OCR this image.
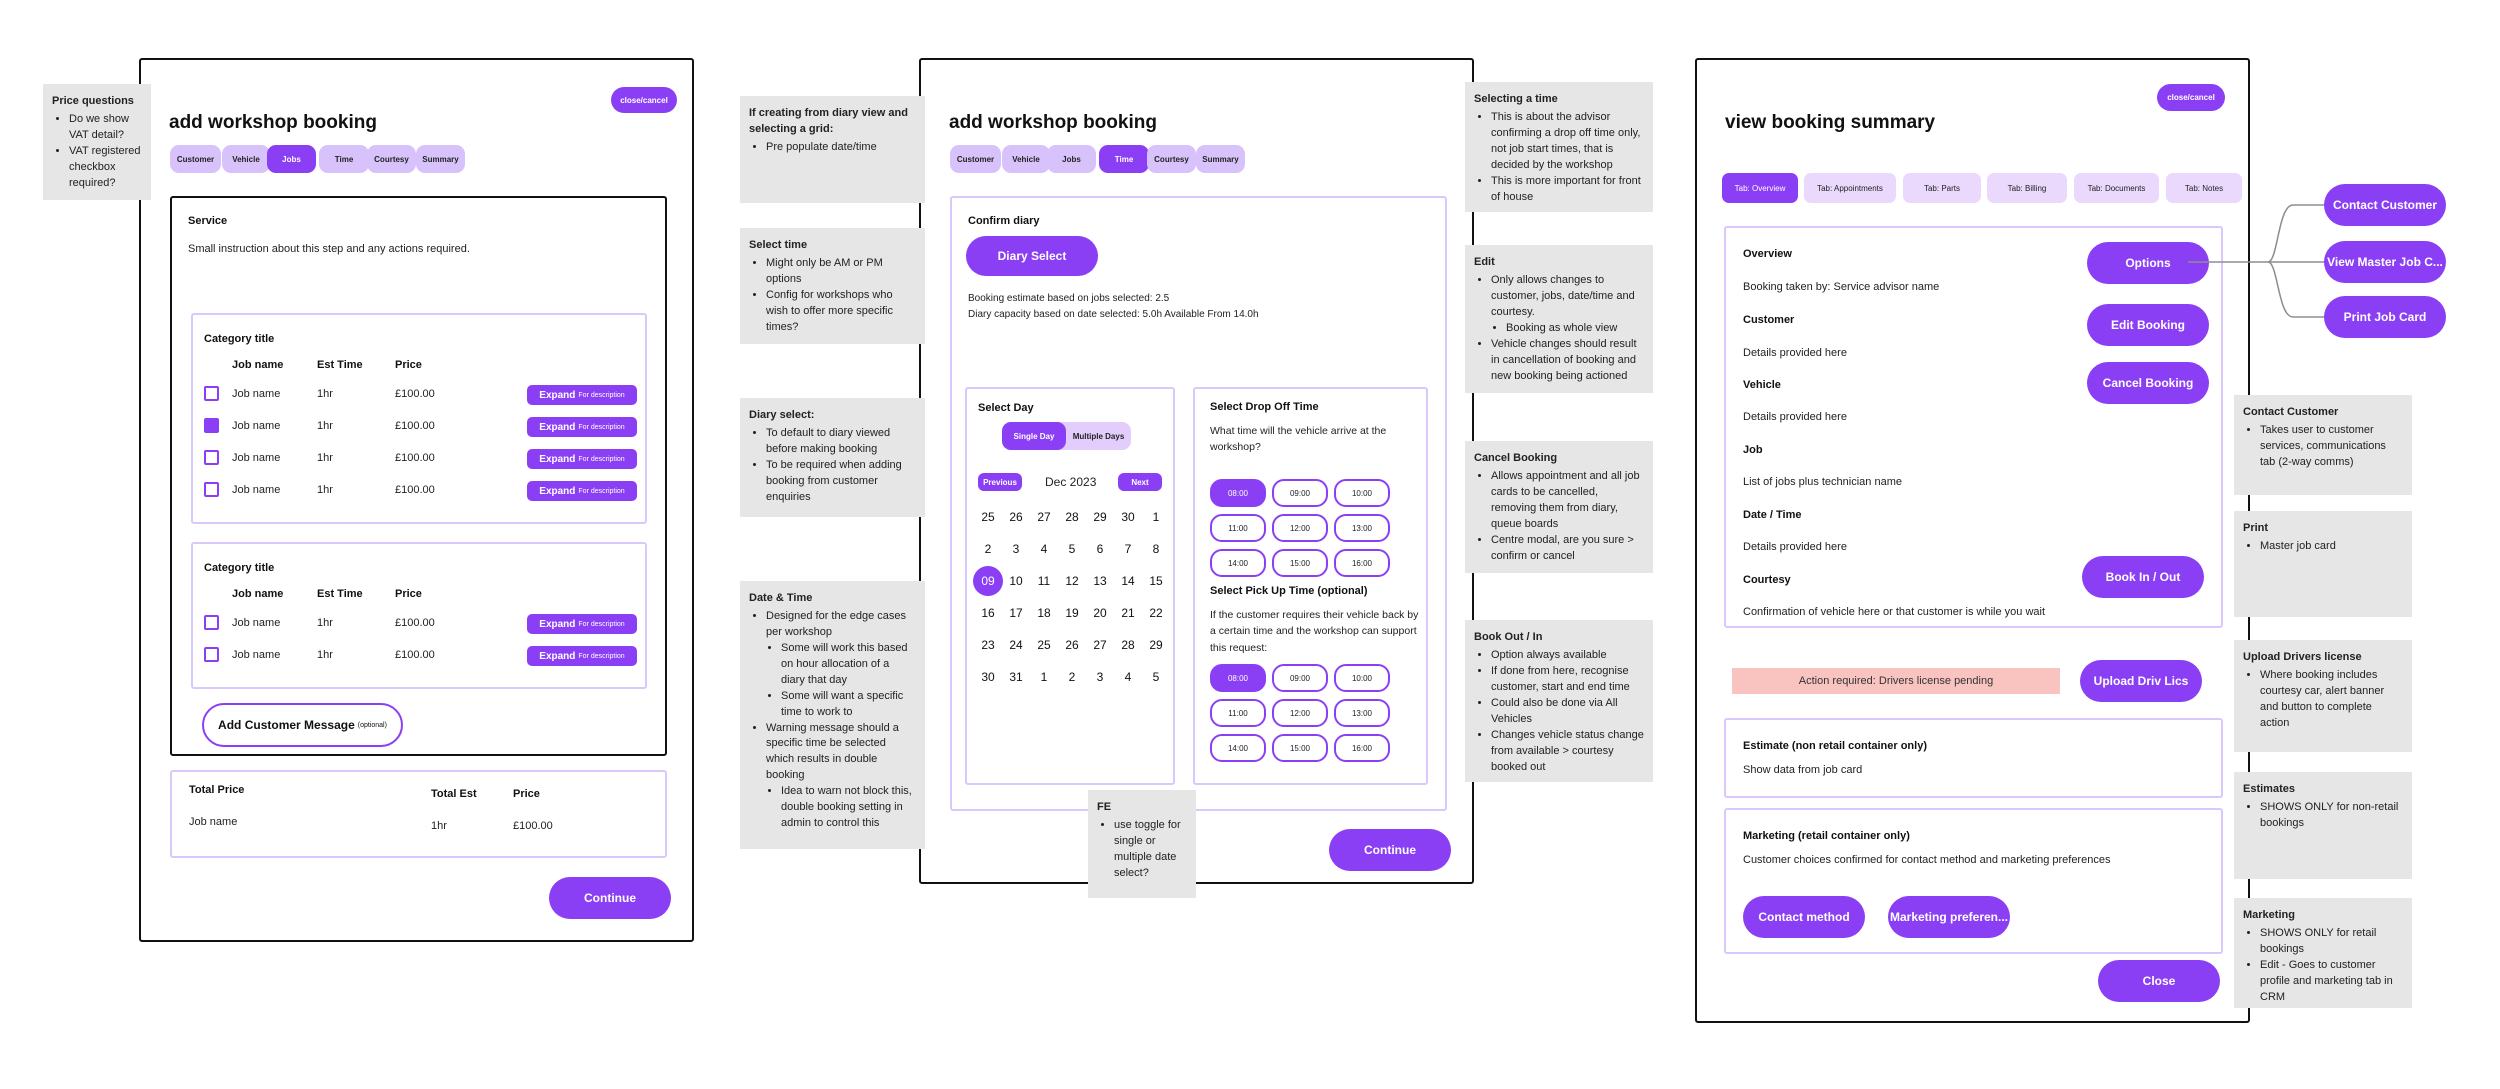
add workshop booking
close/cancel
Customer	Vehicle	Jobs	Time	Courtesy	Summary
Service
Small instruction about this step and any actions required.
Category title
Job name	Est Time	Price
Job name	1hr	£100.00	Expand For description
Job name	1hr	£100.00	Expand For description
Job name	1hr	£100.00	Expand For description
Job name	1hr	£100.00	Expand For description
Category title
Job name	Est Time	Price
Job name	1hr	£100.00	Expand For description
Job name	1hr	£100.00	Expand For description
Add Customer Message (optional)
Total Price	Total Est	Price
Job name	1hr	£100.00
Continue
Price questions
• Do we show VAT detail?
• VAT registered checkbox required?
add workshop booking
Customer	Vehicle	Jobs	Time	Courtesy	Summary
Confirm diary
Diary Select
Booking estimate based on jobs selected: 2.5
Diary capacity based on date selected: 5.0h Available From 14.0h
Select Day
Single Day	Multiple Days
Previous	Dec 2023	Next
25	26	27	28	29	30	1
2	3	4	5	6	7	8
09	10	11	12	13	14	15
16	17	18	19	20	21	22
23	24	25	26	27	28	29
30	31	1	2	3	4	5
Select Drop Off Time
What time will the vehicle arrive at the workshop?
08:00	09:00	10:00
11:00	12:00	13:00
14:00	15:00	16:00
Select Pick Up Time (optional)
If the customer requires their vehicle back by a certain time and the workshop can support this request:
08:00	09:00	10:00
11:00	12:00	13:00
14:00	15:00	16:00
Continue
If creating from diary view and selecting a grid:
• Pre populate date/time
Select time
• Might only be AM or PM options
• Config for workshops who wish to offer more specific times?
Diary select:
• To default to diary viewed before making booking
• To be required when adding booking from customer enquiries
Date & Time
• Designed for the edge cases per workshop
• Some will work this based on hour allocation of a diary that day
• Some will want a specific time to work to
• Warning message should a specific time be selected which results in double booking
• Idea to warn not block this, double booking setting in admin to control this
FE
• use toggle for single or multiple date select?
Selecting a time
• This is about the advisor confirming a drop off time only, not job start times, that is decided by the workshop
• This is more important for front of house
Edit
• Only allows changes to customer, jobs, date/time and courtesy.
• Booking as whole view
• Vehicle changes should result in cancellation of booking and new booking being actioned
Cancel Booking
• Allows appointment and all job cards to be cancelled, removing them from diary, queue boards
• Centre modal, are you sure > confirm or cancel
Book Out / In
• Option always available
• If done from here, recognise customer, start and end time
• Could also be done via All Vehicles
• Changes vehicle status change from available > courtesy booked out
view booking summary
close/cancel
Tab: Overview	Tab: Appointments	Tab: Parts	Tab: Billing	Tab: Documents	Tab: Notes
Overview
Booking taken by: Service advisor name
Customer
Details provided here
Vehicle
Details provided here
Job
List of jobs plus technician name
Date / Time
Details provided here
Courtesy
Confirmation of vehicle here or that customer is while you wait
Options
Edit Booking
Cancel Booking
Book In / Out
Action required: Drivers license pending	Upload Driv Lics
Estimate (non retail container only)
Show data from job card
Marketing (retail container only)
Customer choices confirmed for contact method and marketing preferences
Contact method	Marketing preferen...
Close
Contact Customer
View Master Job C...
Print Job Card
Contact Customer
• Takes user to customer services, communications tab (2-way comms)
Print
• Master job card
Upload Drivers license
• Where booking includes courtesy car, alert banner and button to complete action
Estimates
• SHOWS ONLY for non-retail bookings
Marketing
• SHOWS ONLY for retail bookings
• Edit - Goes to customer profile and marketing tab in CRM
